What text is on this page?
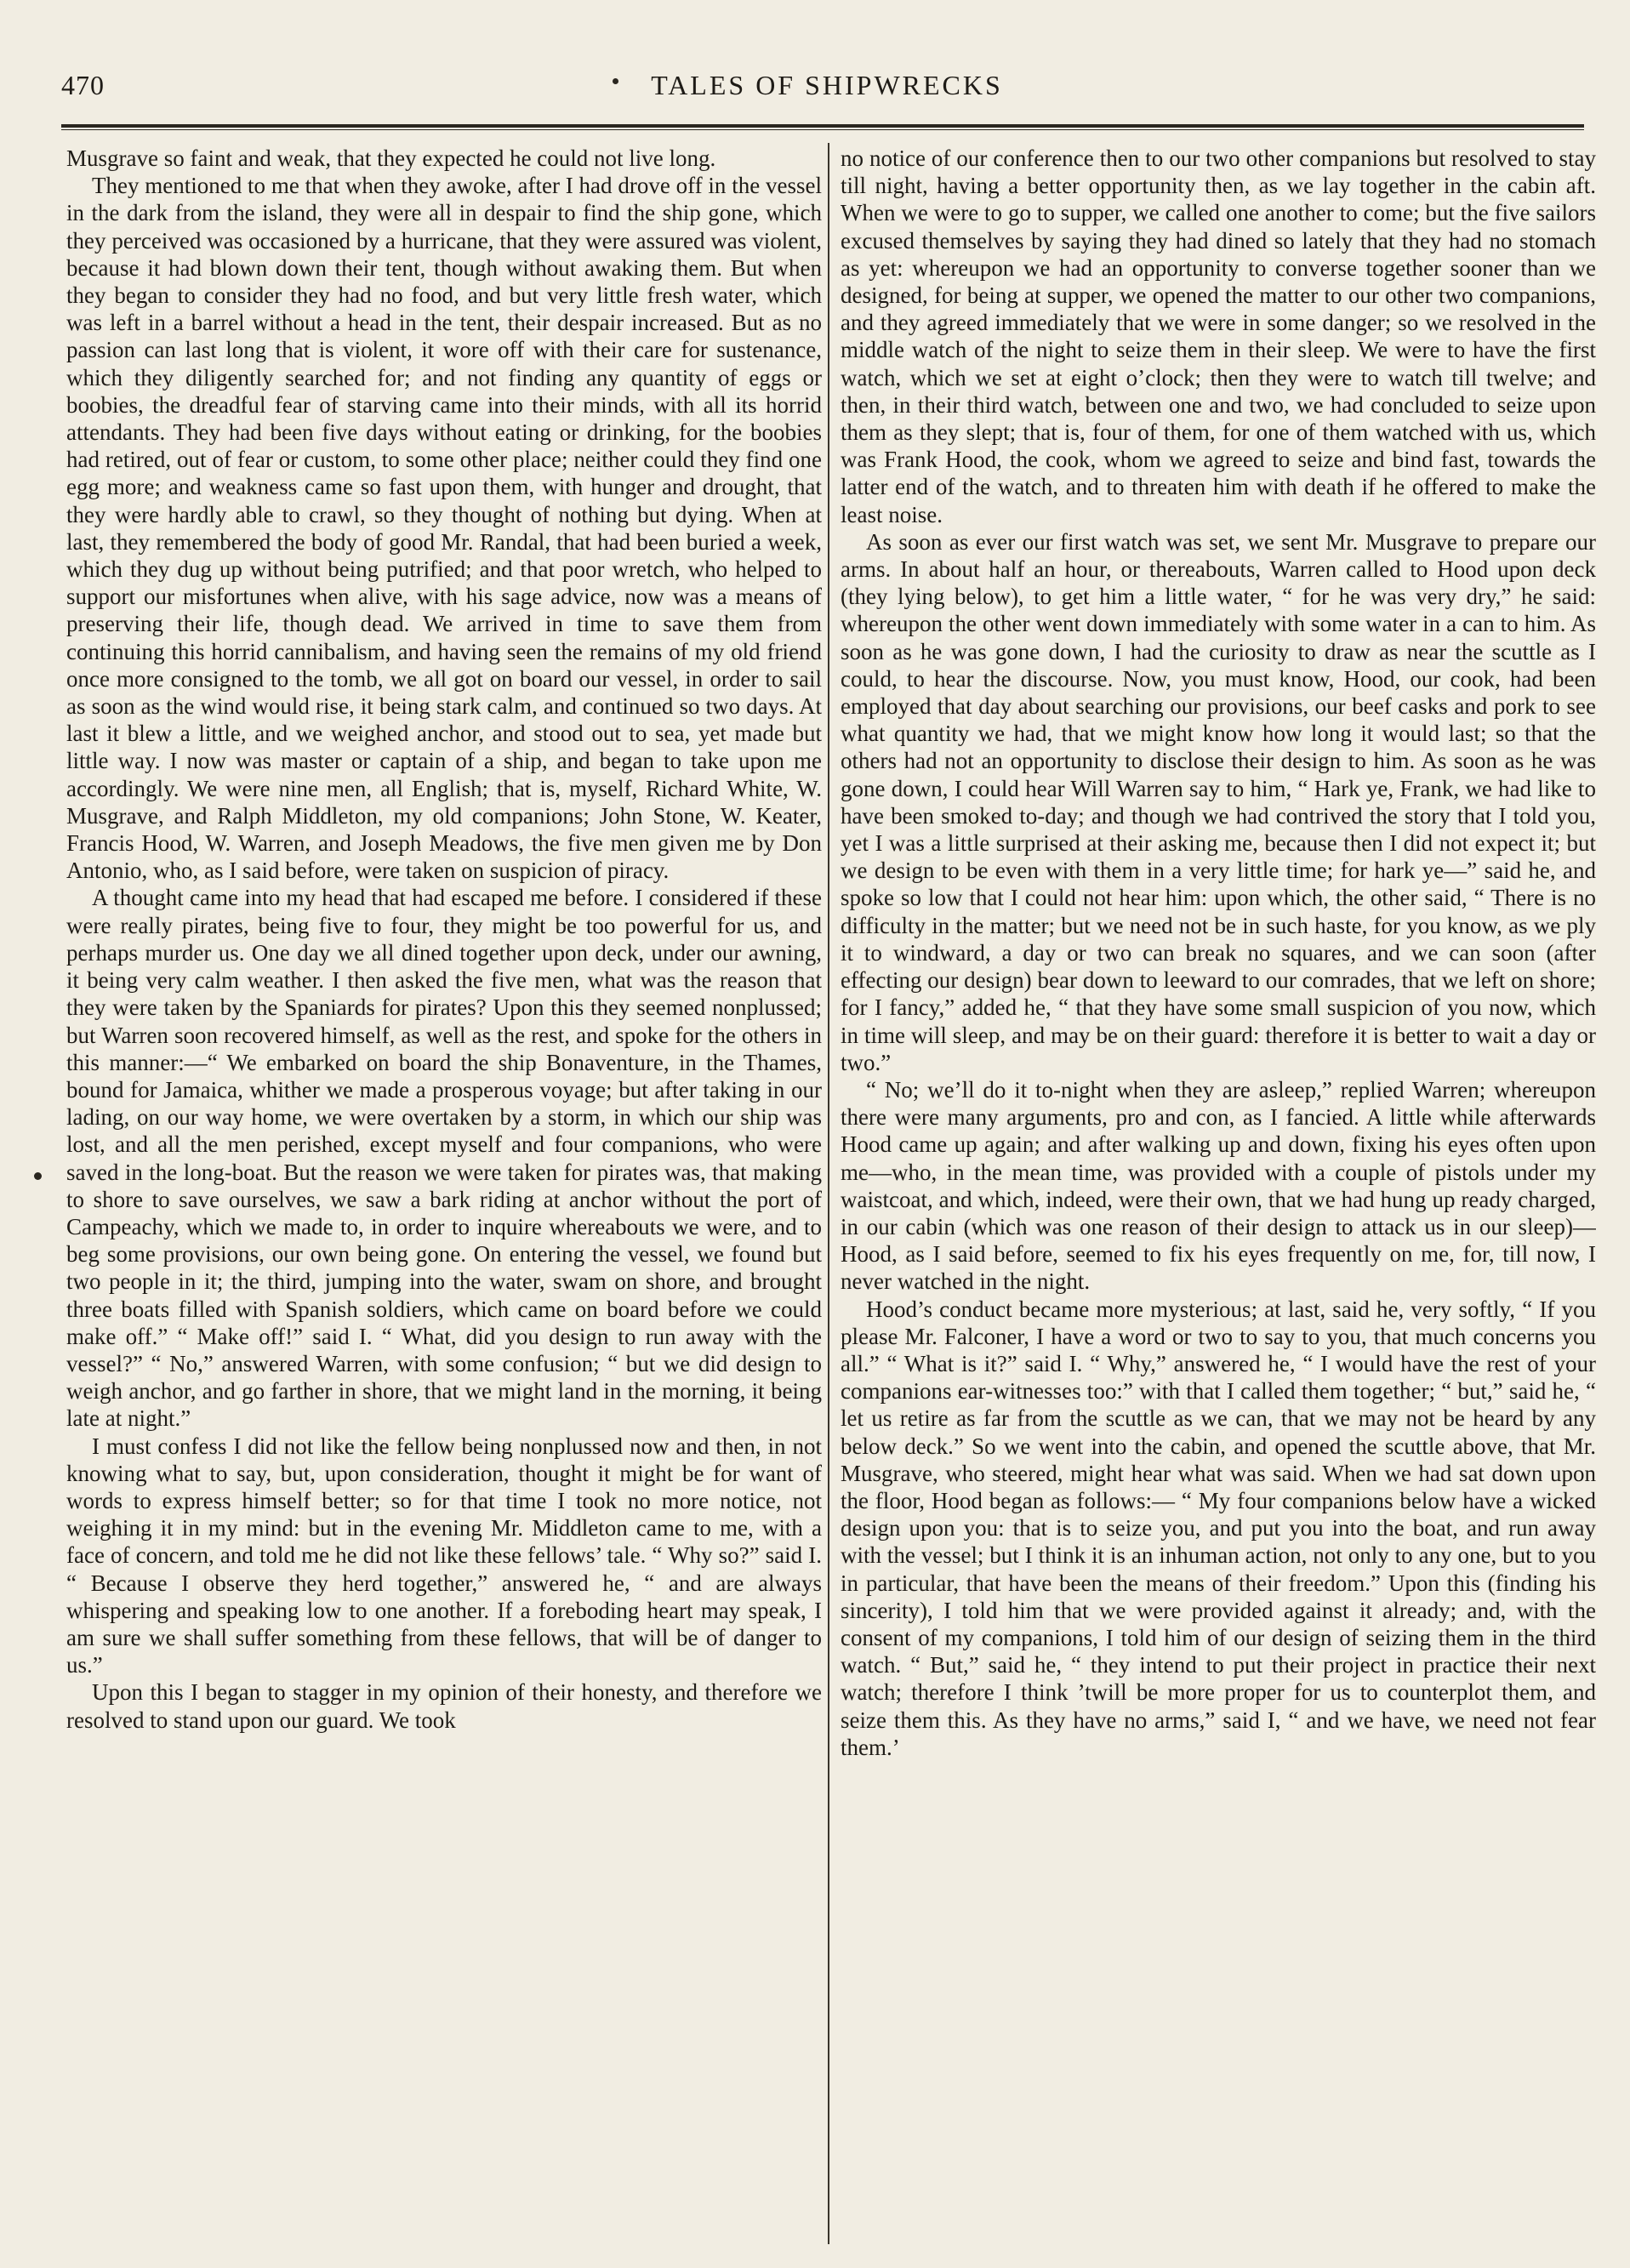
470	TALES OF SHIPWRECKS

Musgrave so faint and weak, that they expected he could not live long.

They mentioned to me that when they awoke, after I had drove off in the vessel in the dark from the island, they were all in despair to find the ship gone, which they perceived was occasioned by a hurricane, that they were assured was violent, because it had blown down their tent, though without awaking them. But when they began to consider they had no food, and but very little fresh water, which was left in a barrel without a head in the tent, their despair increased. But as no passion can last long that is violent, it wore off with their care for sustenance, which they diligently searched for; and not finding any quantity of eggs or boobies, the dreadful fear of starving came into their minds, with all its horrid attendants. They had been five days without eating or drinking, for the boobies had retired, out of fear or custom, to some other place; neither could they find one egg more; and weakness came so fast upon them, with hunger and drought, that they were hardly able to crawl, so they thought of nothing but dying. When at last, they remembered the body of good Mr. Randal, that had been buried a week, which they dug up without being putrified; and that poor wretch, who helped to support our misfortunes when alive, with his sage advice, now was a means of preserving their life, though dead. We arrived in time to save them from continuing this horrid cannibalism, and having seen the remains of my old friend once more consigned to the tomb, we all got on board our vessel, in order to sail as soon as the wind would rise, it being stark calm, and continued so two days. At last it blew a little, and we weighed anchor, and stood out to sea, yet made but little way. I now was master or captain of a ship, and began to take upon me accordingly. We were nine men, all English; that is, myself, Richard White, W. Musgrave, and Ralph Middleton, my old companions; John Stone, W. Keater, Francis Hood, W. Warren, and Joseph Meadows, the five men given me by Don Antonio, who, as I said before, were taken on suspicion of piracy.

A thought came into my head that had escaped me before. I considered if these were really pirates, being five to four, they might be too powerful for us, and perhaps murder us. One day we all dined together upon deck, under our awning, it being very calm weather. I then asked the five men, what was the reason that they were taken by the Spaniards for pirates? Upon this they seemed nonplussed; but Warren soon recovered himself, as well as the rest, and spoke for the others in this manner:—“ We embarked on board the ship Bonaventure, in the Thames, bound for Jamaica, whither we made a prosperous voyage; but after taking in our lading, on our way home, we were overtaken by a storm, in which our ship was lost, and all the men perished, except myself and four companions, who were saved in the long-boat. But the reason we were taken for pirates was, that making to shore to save ourselves, we saw a bark riding at anchor without the port of Campeachy, which we made to, in order to inquire whereabouts we were, and to beg some provisions, our own being gone. On entering the vessel, we found but two people in it; the third, jumping into the water, swam on shore, and brought three boats filled with Spanish soldiers, which came on board before we could make off.” “ Make off!” said I. “ What, did you design to run away with the vessel?” “ No,” answered Warren, with some confusion; “ but we did design to weigh anchor, and go farther in shore, that we might land in the morning, it being late at night.”

I must confess I did not like the fellow being nonplussed now and then, in not knowing what to say, but, upon consideration, thought it might be for want of words to express himself better; so for that time I took no more notice, not weighing it in my mind: but in the evening Mr. Middleton came to me, with a face of concern, and told me he did not like these fellows’ tale. “ Why so?” said I. “ Because I observe they herd together,” answered he, “ and are always whispering and speaking low to one another. If a foreboding heart may speak, I am sure we shall suffer something from these fellows, that will be of danger to us.”

Upon this I began to stagger in my opinion of their honesty, and therefore we resolved to stand upon our guard. We took

no notice of our conference then to our two other companions but resolved to stay till night, having a better opportunity then, as we lay together in the cabin aft. When we were to go to supper, we called one another to come; but the five sailors excused themselves by saying they had dined so lately that they had no stomach as yet: whereupon we had an opportunity to converse together sooner than we designed, for being at supper, we opened the matter to our other two companions, and they agreed immediately that we were in some danger; so we resolved in the middle watch of the night to seize them in their sleep. We were to have the first watch, which we set at eight o’clock; then they were to watch till twelve; and then, in their third watch, between one and two, we had concluded to seize upon them as they slept; that is, four of them, for one of them watched with us, which was Frank Hood, the cook, whom we agreed to seize and bind fast, towards the latter end of the watch, and to threaten him with death if he offered to make the least noise.

As soon as ever our first watch was set, we sent Mr. Musgrave to prepare our arms. In about half an hour, or thereabouts, Warren called to Hood upon deck (they lying below), to get him a little water, “ for he was very dry,” he said: whereupon the other went down immediately with some water in a can to him. As soon as he was gone down, I had the curiosity to draw as near the scuttle as I could, to hear the discourse. Now, you must know, Hood, our cook, had been employed that day about searching our provisions, our beef casks and pork to see what quantity we had, that we might know how long it would last; so that the others had not an opportunity to disclose their design to him. As soon as he was gone down, I could hear Will Warren say to him, “ Hark ye, Frank, we had like to have been smoked to-day; and though we had contrived the story that I told you, yet I was a little surprised at their asking me, because then I did not expect it; but we design to be even with them in a very little time; for hark ye—” said he, and spoke so low that I could not hear him: upon which, the other said, “ There is no difficulty in the matter; but we need not be in such haste, for you know, as we ply it to windward, a day or two can break no squares, and we can soon (after effecting our design) bear down to leeward to our comrades, that we left on shore; for I fancy,” added he, “ that they have some small suspicion of you now, which in time will sleep, and may be on their guard: therefore it is better to wait a day or two.”

“ No; we’ll do it to-night when they are asleep,” replied Warren; whereupon there were many arguments, pro and con, as I fancied. A little while afterwards Hood came up again; and after walking up and down, fixing his eyes often upon me—who, in the mean time, was provided with a couple of pistols under my waistcoat, and which, indeed, were their own, that we had hung up ready charged, in our cabin (which was one reason of their design to attack us in our sleep)—Hood, as I said before, seemed to fix his eyes frequently on me, for, till now, I never watched in the night.

Hood’s conduct became more mysterious; at last, said he, very softly, “ If you please Mr. Falconer, I have a word or two to say to you, that much concerns you all.” “ What is it?” said I. “ Why,” answered he, “ I would have the rest of your companions ear-witnesses too:” with that I called them together; “ but,” said he, “ let us retire as far from the scuttle as we can, that we may not be heard by any below deck.” So we went into the cabin, and opened the scuttle above, that Mr. Musgrave, who steered, might hear what was said. When we had sat down upon the floor, Hood began as follows:— “ My four companions below have a wicked design upon you: that is to seize you, and put you into the boat, and run away with the vessel; but I think it is an inhuman action, not only to any one, but to you in particular, that have been the means of their freedom.” Upon this (finding his sincerity), I told him that we were provided against it already; and, with the consent of my companions, I told him of our design of seizing them in the third watch. “ But,” said he, “ they intend to put their project in practice their next watch; therefore I think ’twill be more proper for us to counterplot them, and seize them this. As they have no arms,” said I, “ and we have, we need not fear them.’
